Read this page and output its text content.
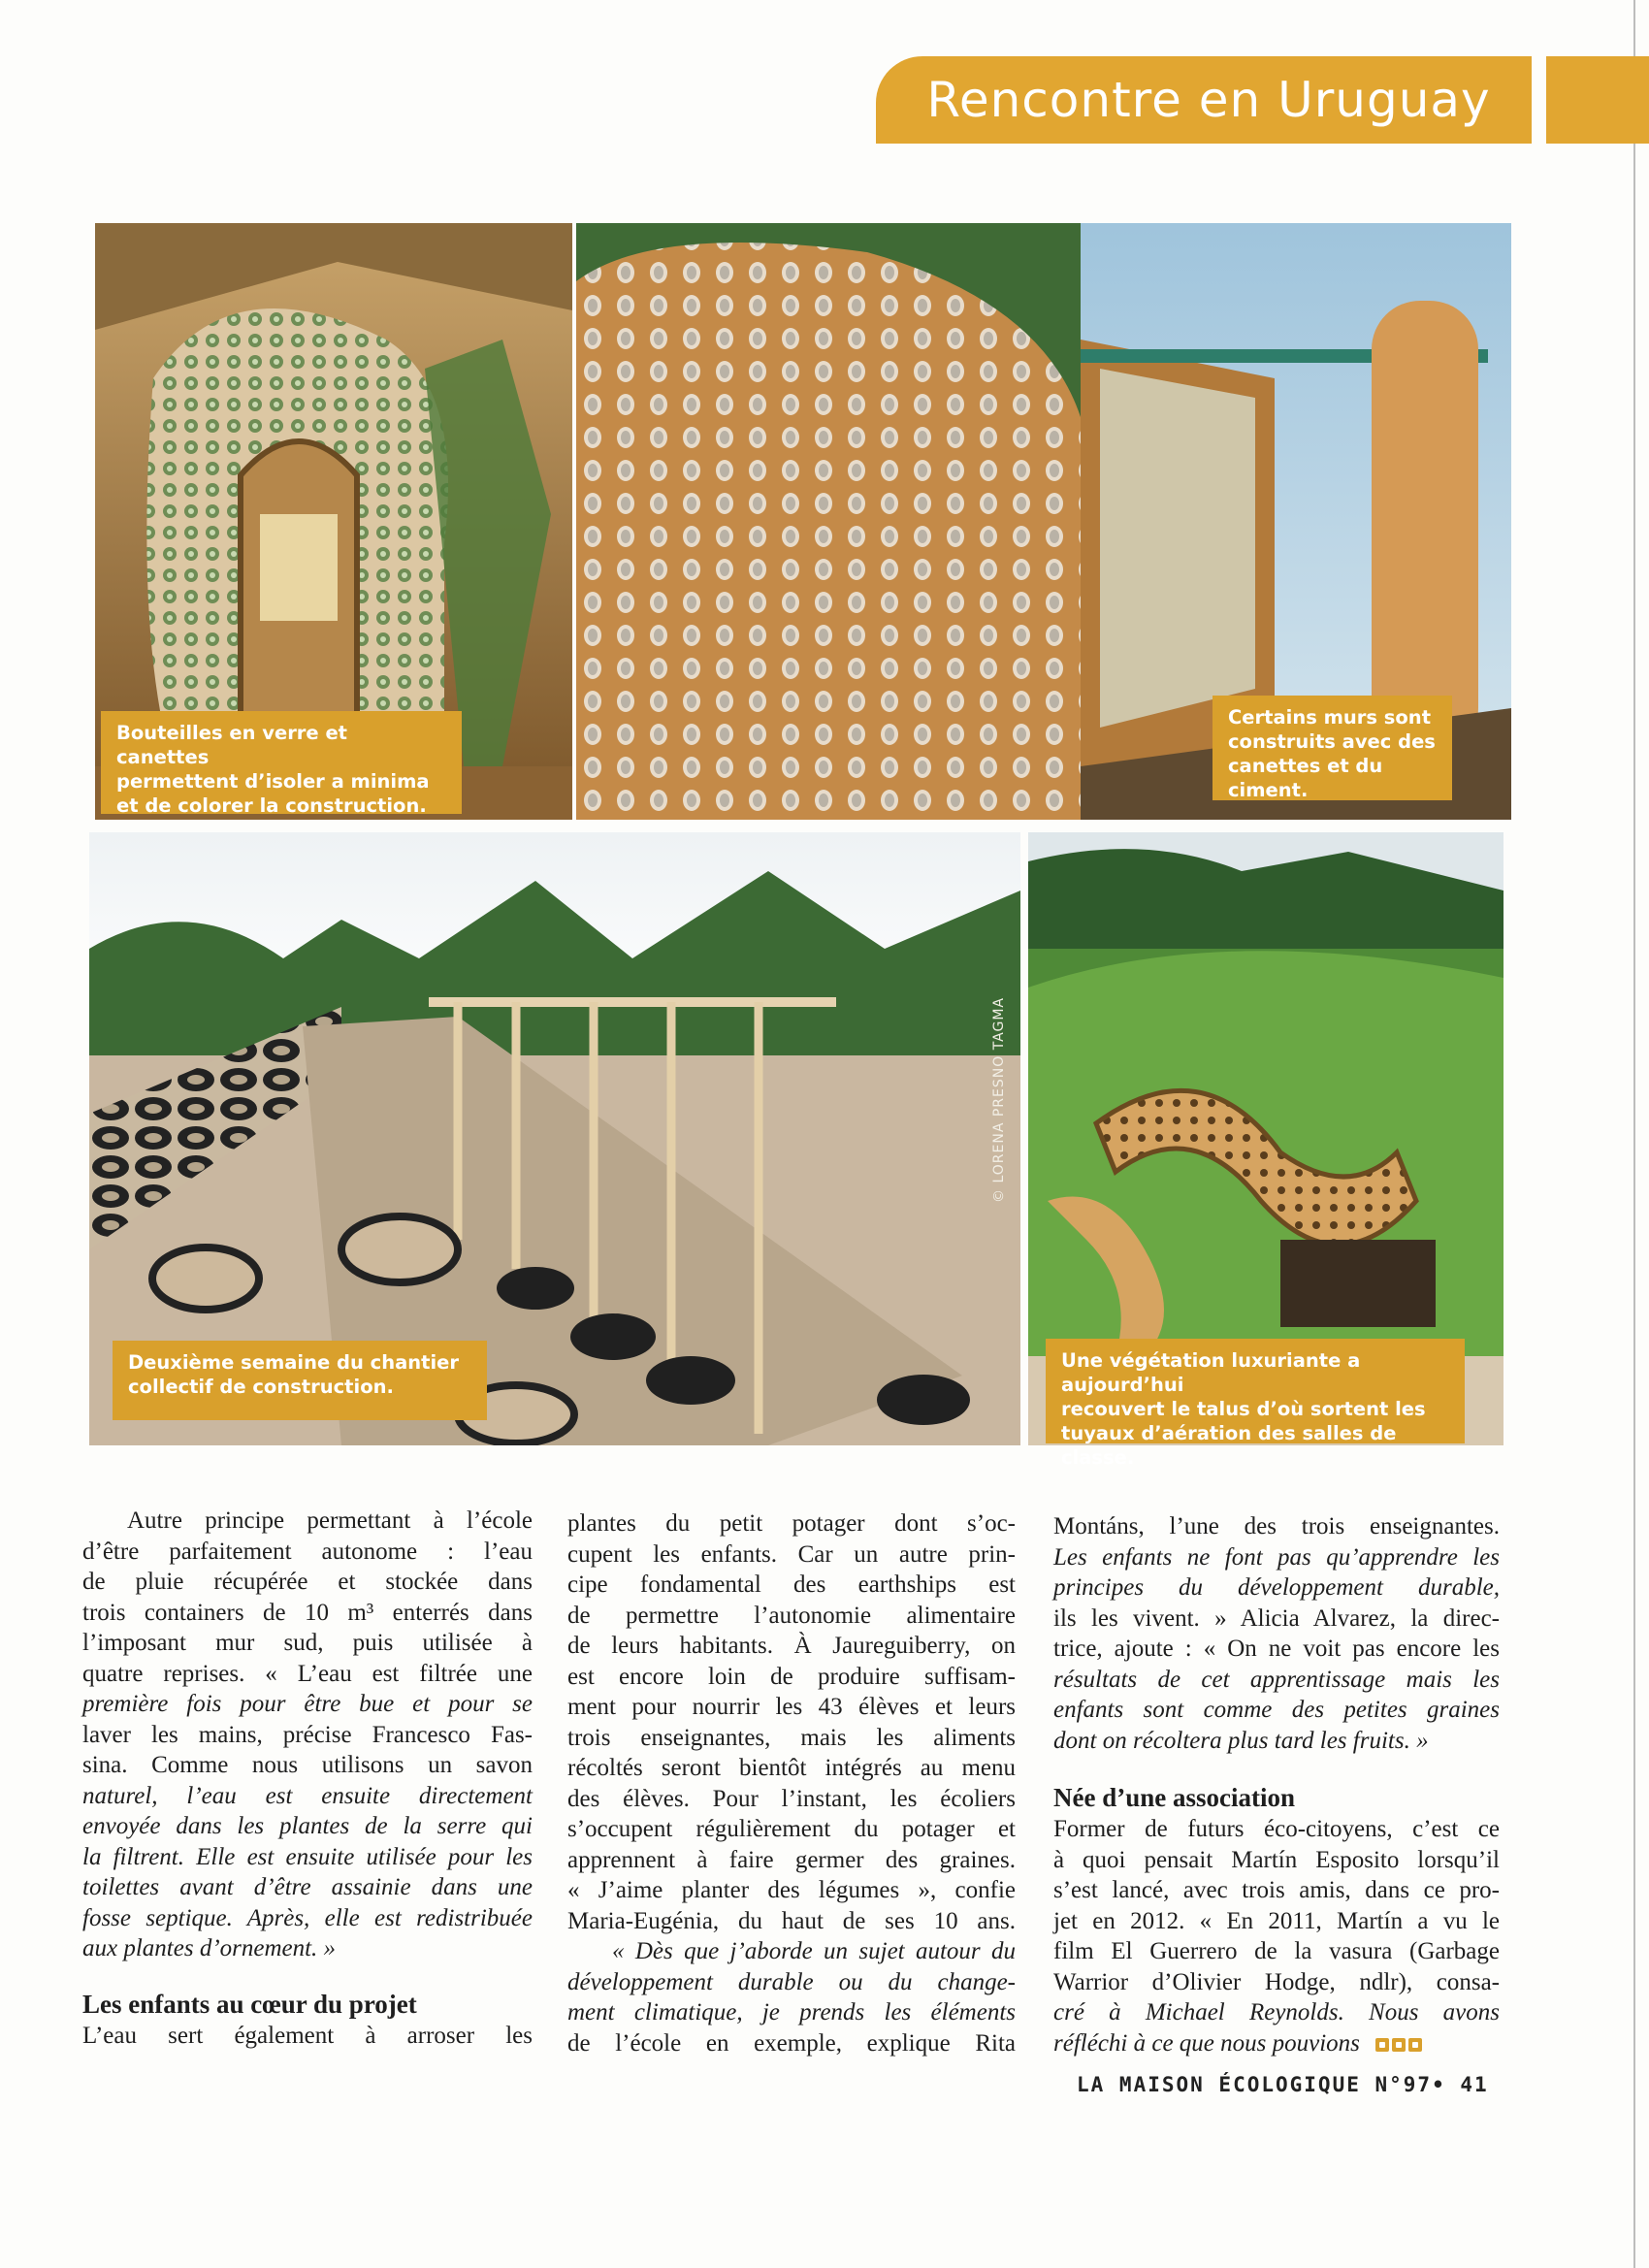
Rencontre en Uruguay
Bouteilles en verre et canettes
permettent d’isoler a minima
et de colorer la construction.
Certains murs sont
construits avec des
canettes et du ciment.
© LORENA PRESNO TAGMA
Deuxième semaine du chantier
collectif de construction.
Une végétation luxuriante a aujourd’hui
recouvert le talus d’où sortent les
tuyaux d’aération des salles de classe.
Autre principe permettant à l’école
d’être parfaitement autonome : l’eau
de pluie récupérée et stockée dans
trois containers de 10 m³ enterrés dans
l’imposant mur sud, puis utilisée à
quatre reprises. « L’eau est filtrée une
première fois pour être bue et pour se
laver les mains, précise Francesco Fas-
sina. Comme nous utilisons un savon
naturel, l’eau est ensuite directement
envoyée dans les plantes de la serre qui
la filtrent. Elle est ensuite utilisée pour les
toilettes avant d’être assainie dans une
fosse septique. Après, elle est redistribuée
aux plantes d’ornement. »
Les enfants au cœur du projet
L’eau sert également à arroser les
plantes du petit potager dont s’oc-
cupent les enfants. Car un autre prin-
cipe fondamental des earthships est
de permettre l’autonomie alimentaire
de leurs habitants. À Jaureguiberry, on
est encore loin de produire suffisam-
ment pour nourrir les 43 élèves et leurs
trois enseignantes, mais les aliments
récoltés seront bientôt intégrés au menu
des élèves. Pour l’instant, les écoliers
s’occupent régulièrement du potager et
apprennent à faire germer des graines.
« J’aime planter des légumes », confie
Maria-Eugénia, du haut de ses 10 ans.
« Dès que j’aborde un sujet autour du
développement durable ou du change-
ment climatique, je prends les éléments
de l’école en exemple, explique Rita
Montáns, l’une des trois enseignantes.
Les enfants ne font pas qu’apprendre les
principes du développement durable,
ils les vivent. » Alicia Alvarez, la direc-
trice, ajoute : « On ne voit pas encore les
résultats de cet apprentissage mais les
enfants sont comme des petites graines
dont on récoltera plus tard les fruits. »
Née d’une association
Former de futurs éco-citoyens, c’est ce
à quoi pensait Martín Esposito lorsqu’il
s’est lancé, avec trois amis, dans ce pro-
jet en 2012. « En 2011, Martín a vu le
film El Guerrero de la vasura (Garbage
Warrior d’Olivier Hodge, ndlr), consa-
cré à Michael Reynolds. Nous avons
réfléchi à ce que nous pouvions
LA MAISON ÉCOLOGIQUE N°97• 41
